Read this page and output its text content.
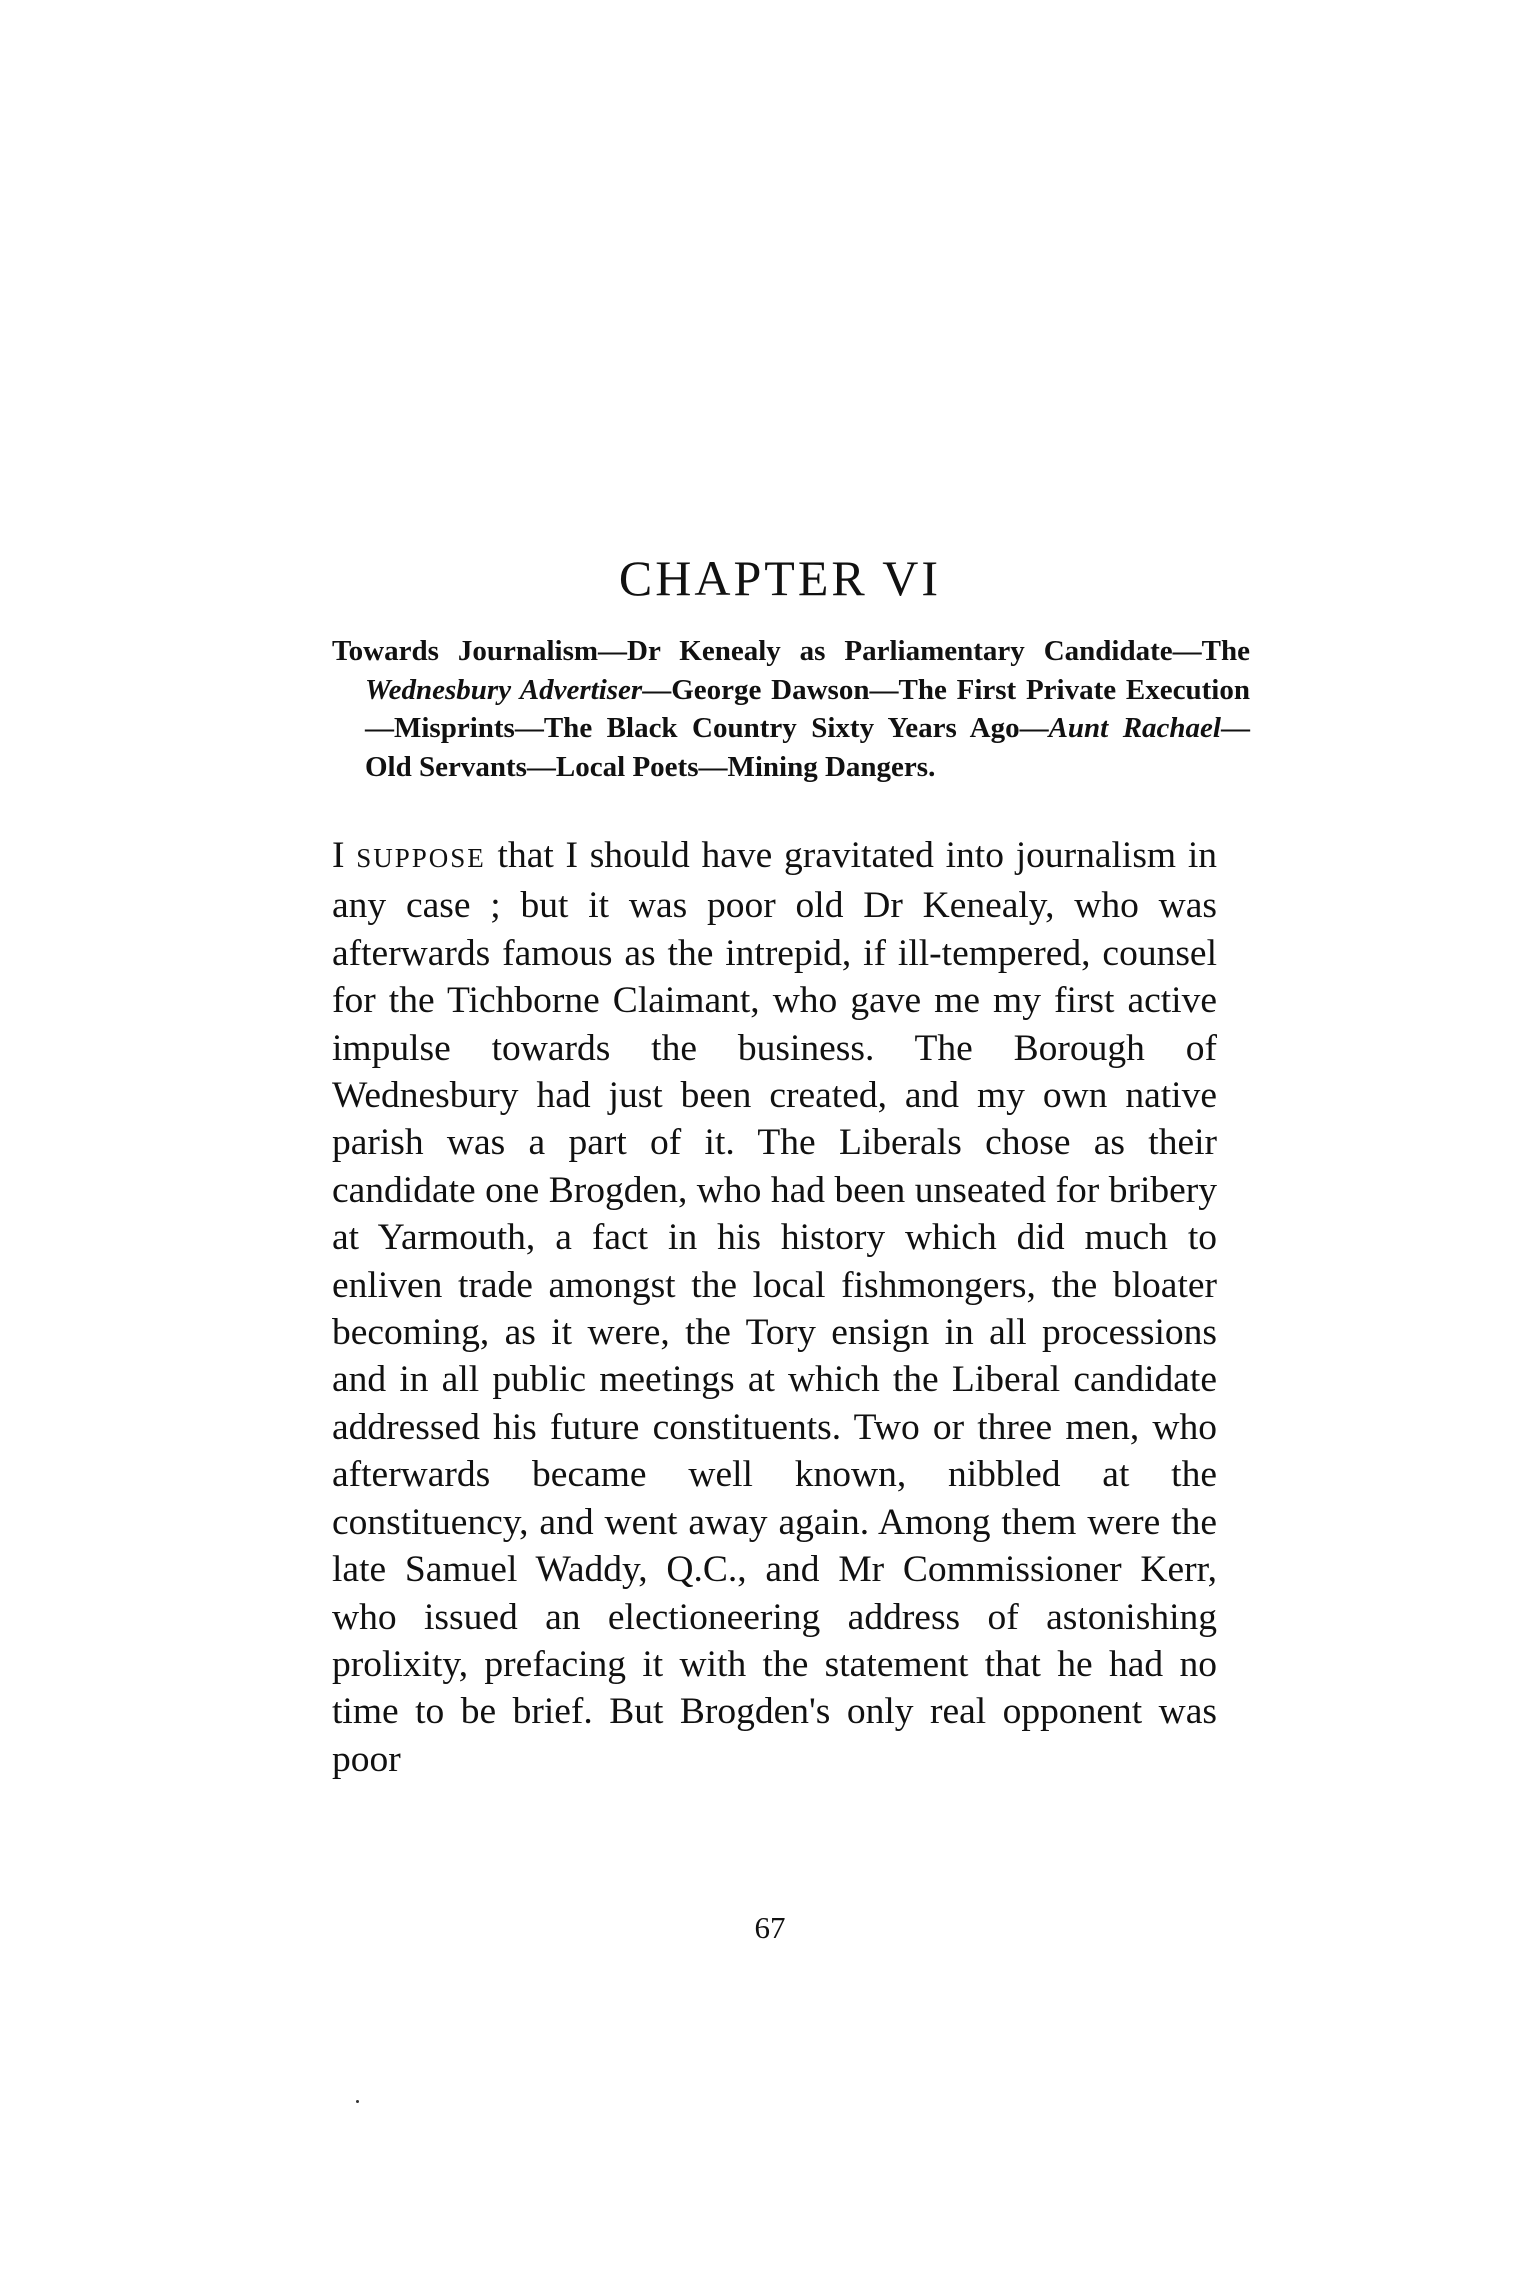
CHAPTER VI

Towards Journalism—Dr Kenealy as Parliamentary Candidate—The Wednesbury Advertiser—George Dawson—The First Private Execution—Misprints—The Black Country Sixty Years Ago—Aunt Rachael—Old Servants—Local Poets—Mining Dangers.

I SUPPOSE that I should have gravitated into journalism in any case ; but it was poor old Dr Kenealy, who was afterwards famous as the intrepid, if ill-tempered, counsel for the Tichborne Claimant, who gave me my first active impulse towards the business. The Borough of Wednesbury had just been created, and my own native parish was a part of it. The Liberals chose as their candidate one Brogden, who had been unseated for bribery at Yarmouth, a fact in his history which did much to enliven trade amongst the local fishmongers, the bloater becoming, as it were, the Tory ensign in all processions and in all public meetings at which the Liberal candidate addressed his future constituents. Two or three men, who afterwards became well known, nibbled at the constituency, and went away again. Among them were the late Samuel Waddy, Q.C., and Mr Commissioner Kerr, who issued an electioneering address of astonishing prolixity, prefacing it with the statement that he had no time to be brief. But Brogden's only real opponent was poor

67
